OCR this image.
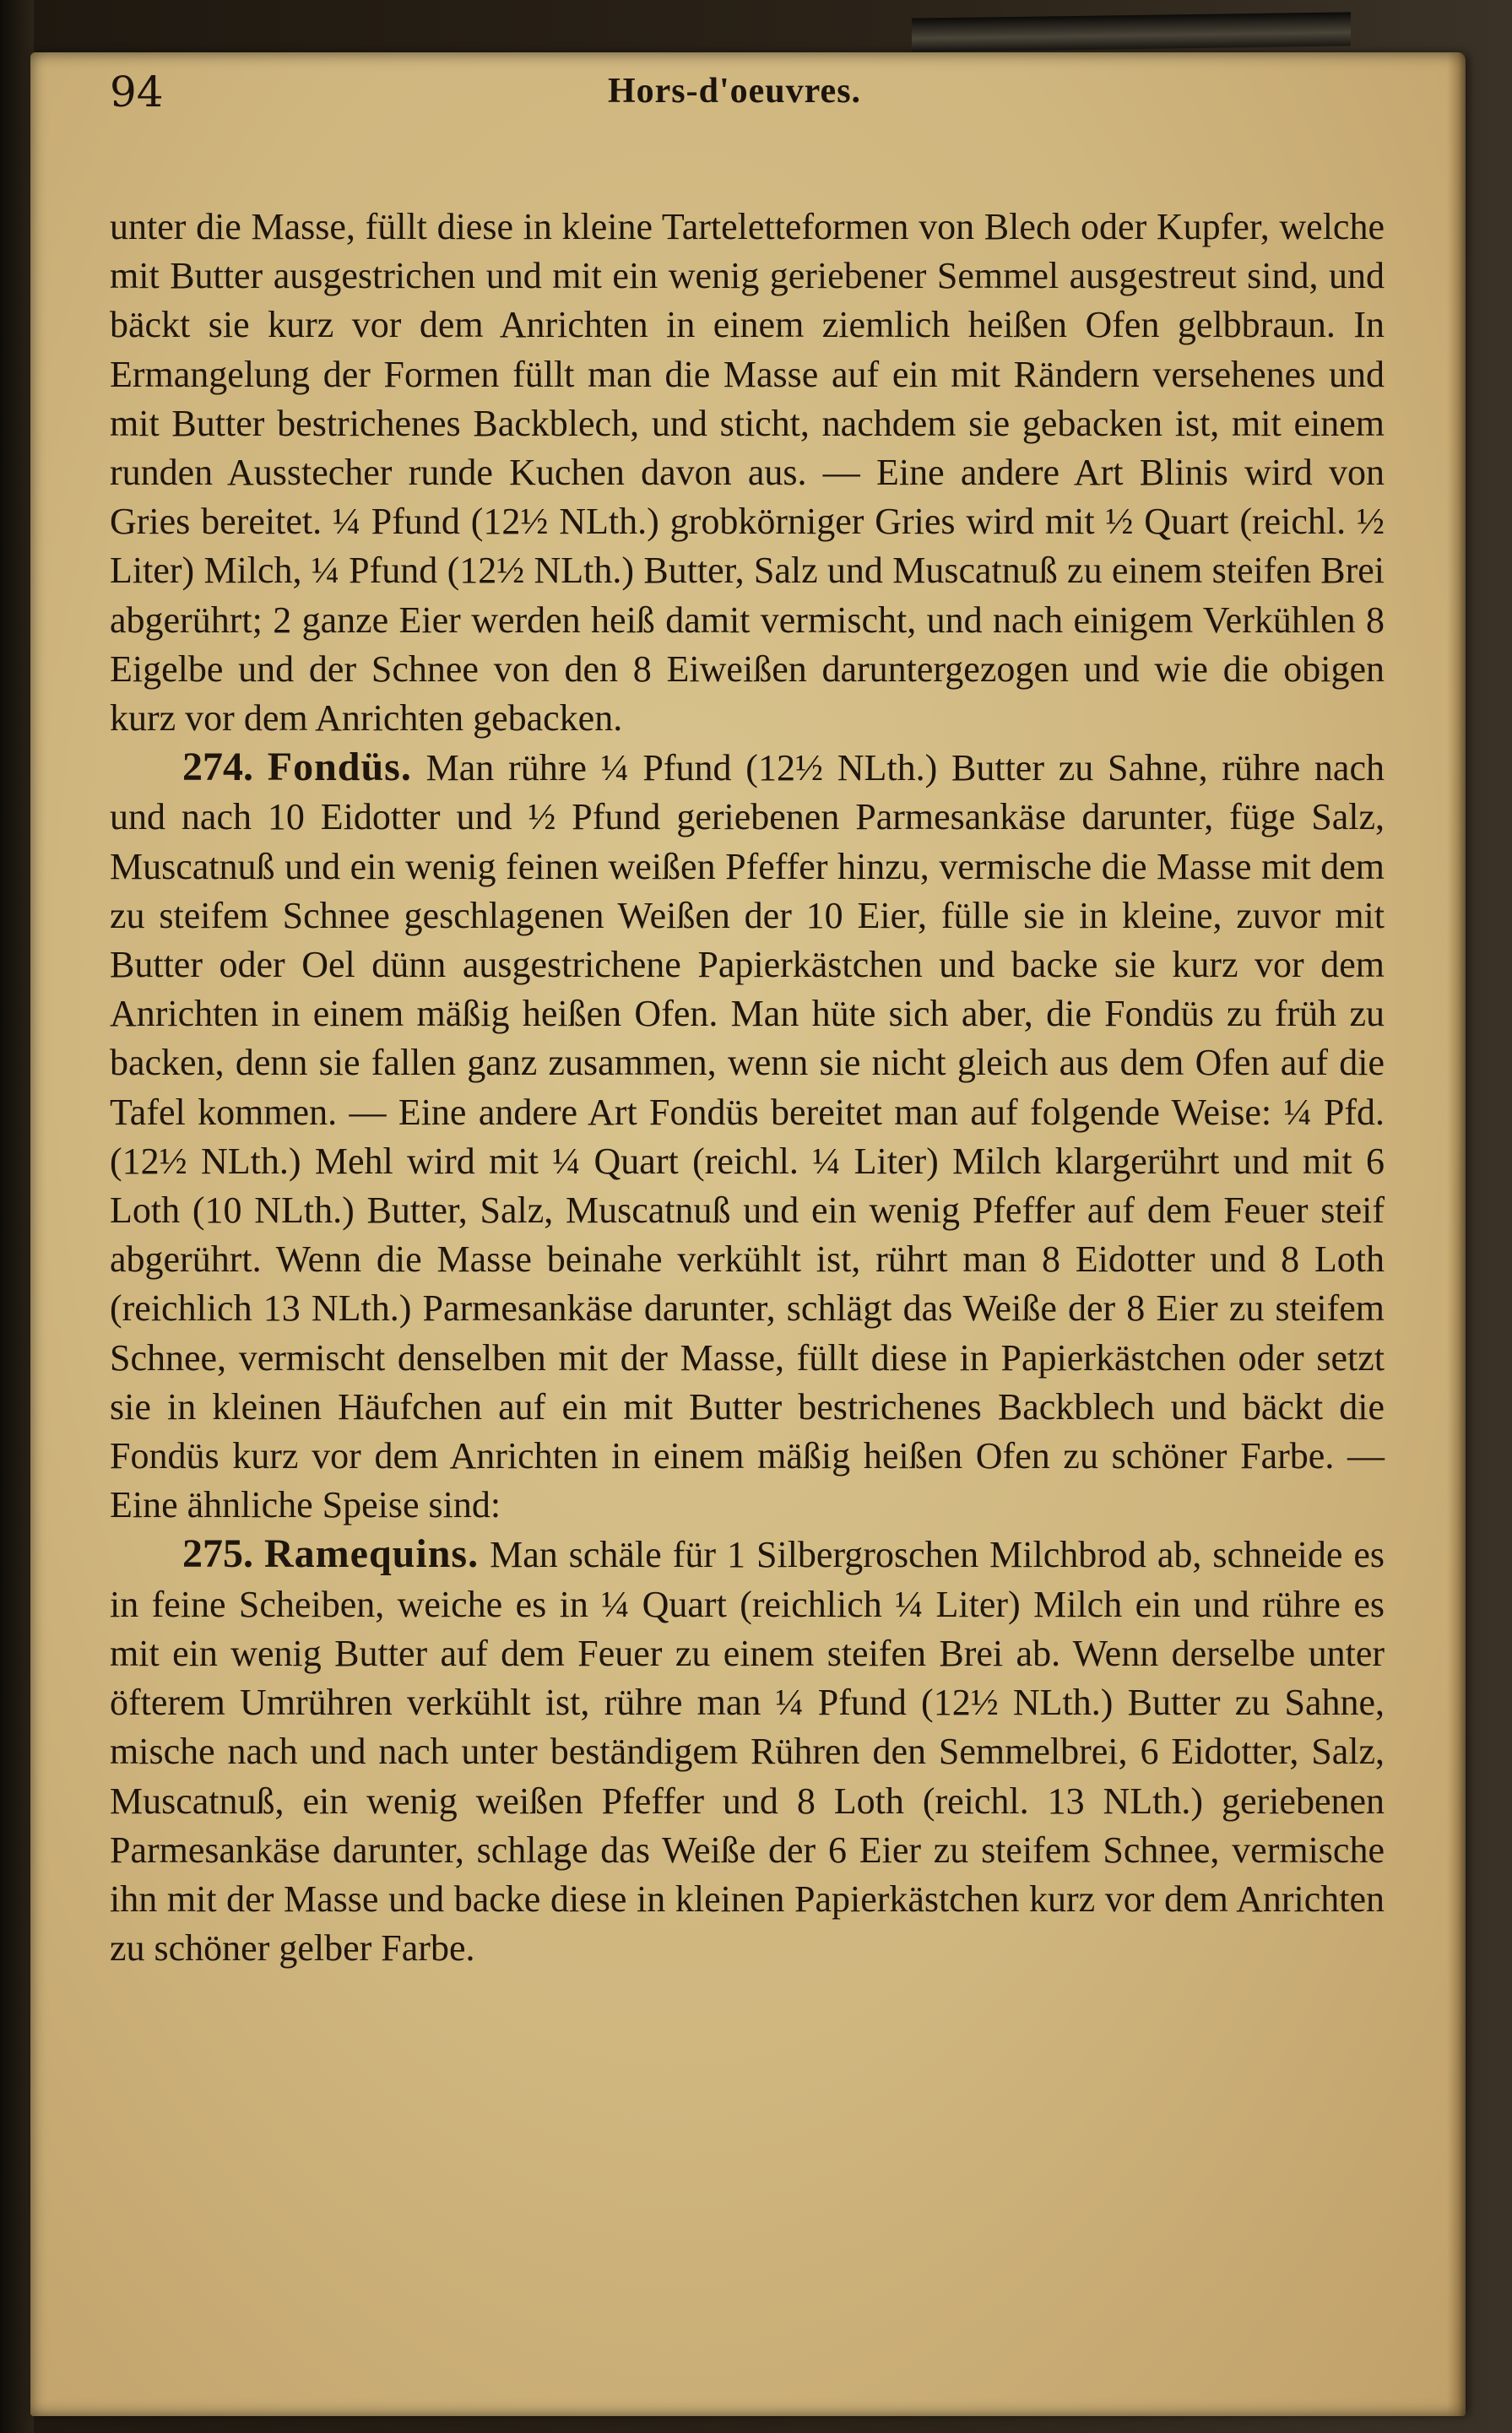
94	Hors-d'oeuvres.

unter die Masse, füllt diese in kleine Tarteletteformen von Blech oder Kupfer, welche mit Butter ausgestrichen und mit ein wenig geriebener Semmel ausgestreut sind, und bäckt sie kurz vor dem Anrichten in einem ziemlich heißen Ofen gelbbraun. In Ermangelung der Formen füllt man die Masse auf ein mit Rändern versehenes und mit Butter bestrichenes Backblech, und sticht, nachdem sie gebacken ist, mit einem runden Ausstecher runde Kuchen davon aus. — Eine andere Art Blinis wird von Gries bereitet. ¼ Pfund (12½ NLth.) grobkörniger Gries wird mit ½ Quart (reichl. ½ Liter) Milch, ¼ Pfund (12½ NLth.) Butter, Salz und Muscatnuß zu einem steifen Brei abgerührt; 2 ganze Eier werden heiß damit vermischt, und nach einigem Verkühlen 8 Eigelbe und der Schnee von den 8 Eiweißen daruntergezogen und wie die obigen kurz vor dem Anrichten gebacken.

274. Fondüs. Man rühre ¼ Pfund (12½ NLth.) Butter zu Sahne, rühre nach und nach 10 Eidotter und ½ Pfund geriebenen Parmesankäse darunter, füge Salz, Muscatnuß und ein wenig feinen weißen Pfeffer hinzu, vermische die Masse mit dem zu steifem Schnee geschlagenen Weißen der 10 Eier, fülle sie in kleine, zuvor mit Butter oder Oel dünn ausgestrichene Papierkästchen und backe sie kurz vor dem Anrichten in einem mäßig heißen Ofen. Man hüte sich aber, die Fondüs zu früh zu backen, denn sie fallen ganz zusammen, wenn sie nicht gleich aus dem Ofen auf die Tafel kommen. — Eine andere Art Fondüs bereitet man auf folgende Weise: ¼ Pfd. (12½ NLth.) Mehl wird mit ¼ Quart (reichl. ¼ Liter) Milch klargerührt und mit 6 Loth (10 NLth.) Butter, Salz, Muscatnuß und ein wenig Pfeffer auf dem Feuer steif abgerührt. Wenn die Masse beinahe verkühlt ist, rührt man 8 Eidotter und 8 Loth (reichlich 13 NLth.) Parmesankäse darunter, schlägt das Weiße der 8 Eier zu steifem Schnee, vermischt denselben mit der Masse, füllt diese in Papierkästchen oder setzt sie in kleinen Häufchen auf ein mit Butter bestrichenes Backblech und bäckt die Fondüs kurz vor dem Anrichten in einem mäßig heißen Ofen zu schöner Farbe. — Eine ähnliche Speise sind:

275. Ramequins. Man schäle für 1 Silbergroschen Milchbrod ab, schneide es in feine Scheiben, weiche es in ¼ Quart (reichlich ¼ Liter) Milch ein und rühre es mit ein wenig Butter auf dem Feuer zu einem steifen Brei ab. Wenn derselbe unter öfterem Umrühren verkühlt ist, rühre man ¼ Pfund (12½ NLth.) Butter zu Sahne, mische nach und nach unter beständigem Rühren den Semmelbrei, 6 Eidotter, Salz, Muscatnuß, ein wenig weißen Pfeffer und 8 Loth (reichl. 13 NLth.) geriebenen Parmesankäse darunter, schlage das Weiße der 6 Eier zu steifem Schnee, vermische ihn mit der Masse und backe diese in kleinen Papierkästchen kurz vor dem Anrichten zu schöner gelber Farbe.
